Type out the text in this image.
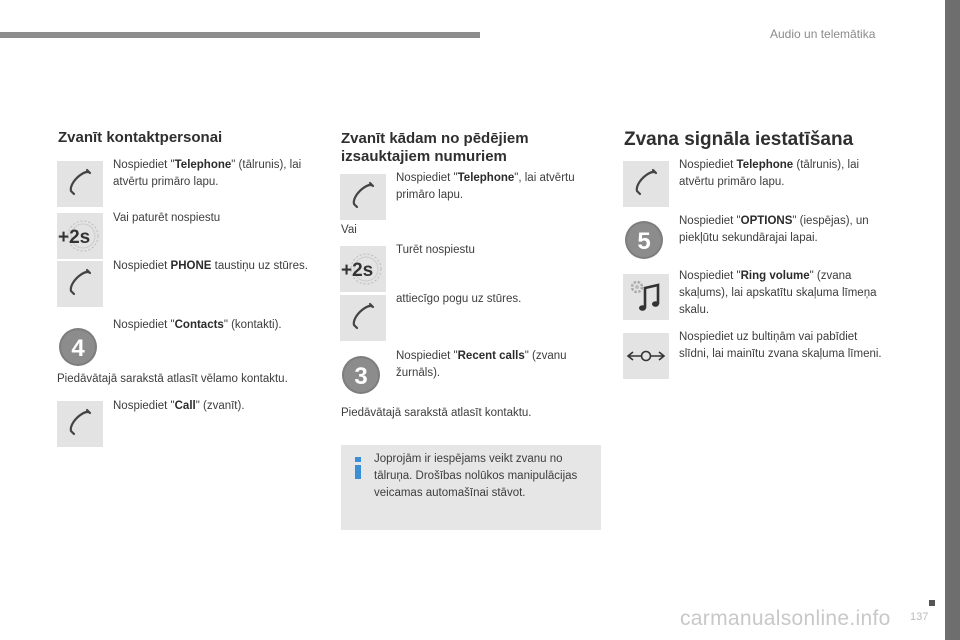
Audio un telemātika
Zvanīt kontaktpersonai
Nospiediet "Telephone" (tālrunis), lai atvērtu primāro lapu.
Vai paturēt nospiestu
+2s
Nospiediet PHONE taustiņu uz stūres.
4
Nospiediet "Contacts" (kontakti).
Piedāvātajā sarakstā atlasīt vēlamo kontaktu.
Nospiediet "Call" (zvanīt).
Zvanīt kādam no pēdējiem izsauktajiem numuriem
Nospiediet "Telephone", lai atvērtu primāro lapu.
Vai
Turēt nospiestu
+2s
attiecīgo pogu uz stūres.
3
Nospiediet "Recent calls" (zvanu žurnāls).
Piedāvātajā sarakstā atlasīt kontaktu.
Joprojām ir iespējams veikt zvanu no tālruņa. Drošības nolūkos manipulācijas veicamas automašīnai stāvot.
Zvana signāla iestatīšana
Nospiediet Telephone (tālrunis), lai atvērtu primāro lapu.
5
Nospiediet "OPTIONS" (iespējas), un piekļūtu sekundārajai lapai.
Nospiediet "Ring volume" (zvana skaļums), lai apskatītu skaļuma līmeņa skalu.
Nospiediet uz bultiņām vai pabīdiet slīdni, lai mainītu zvana skaļuma līmeni.
137
carmanualsonline.info
